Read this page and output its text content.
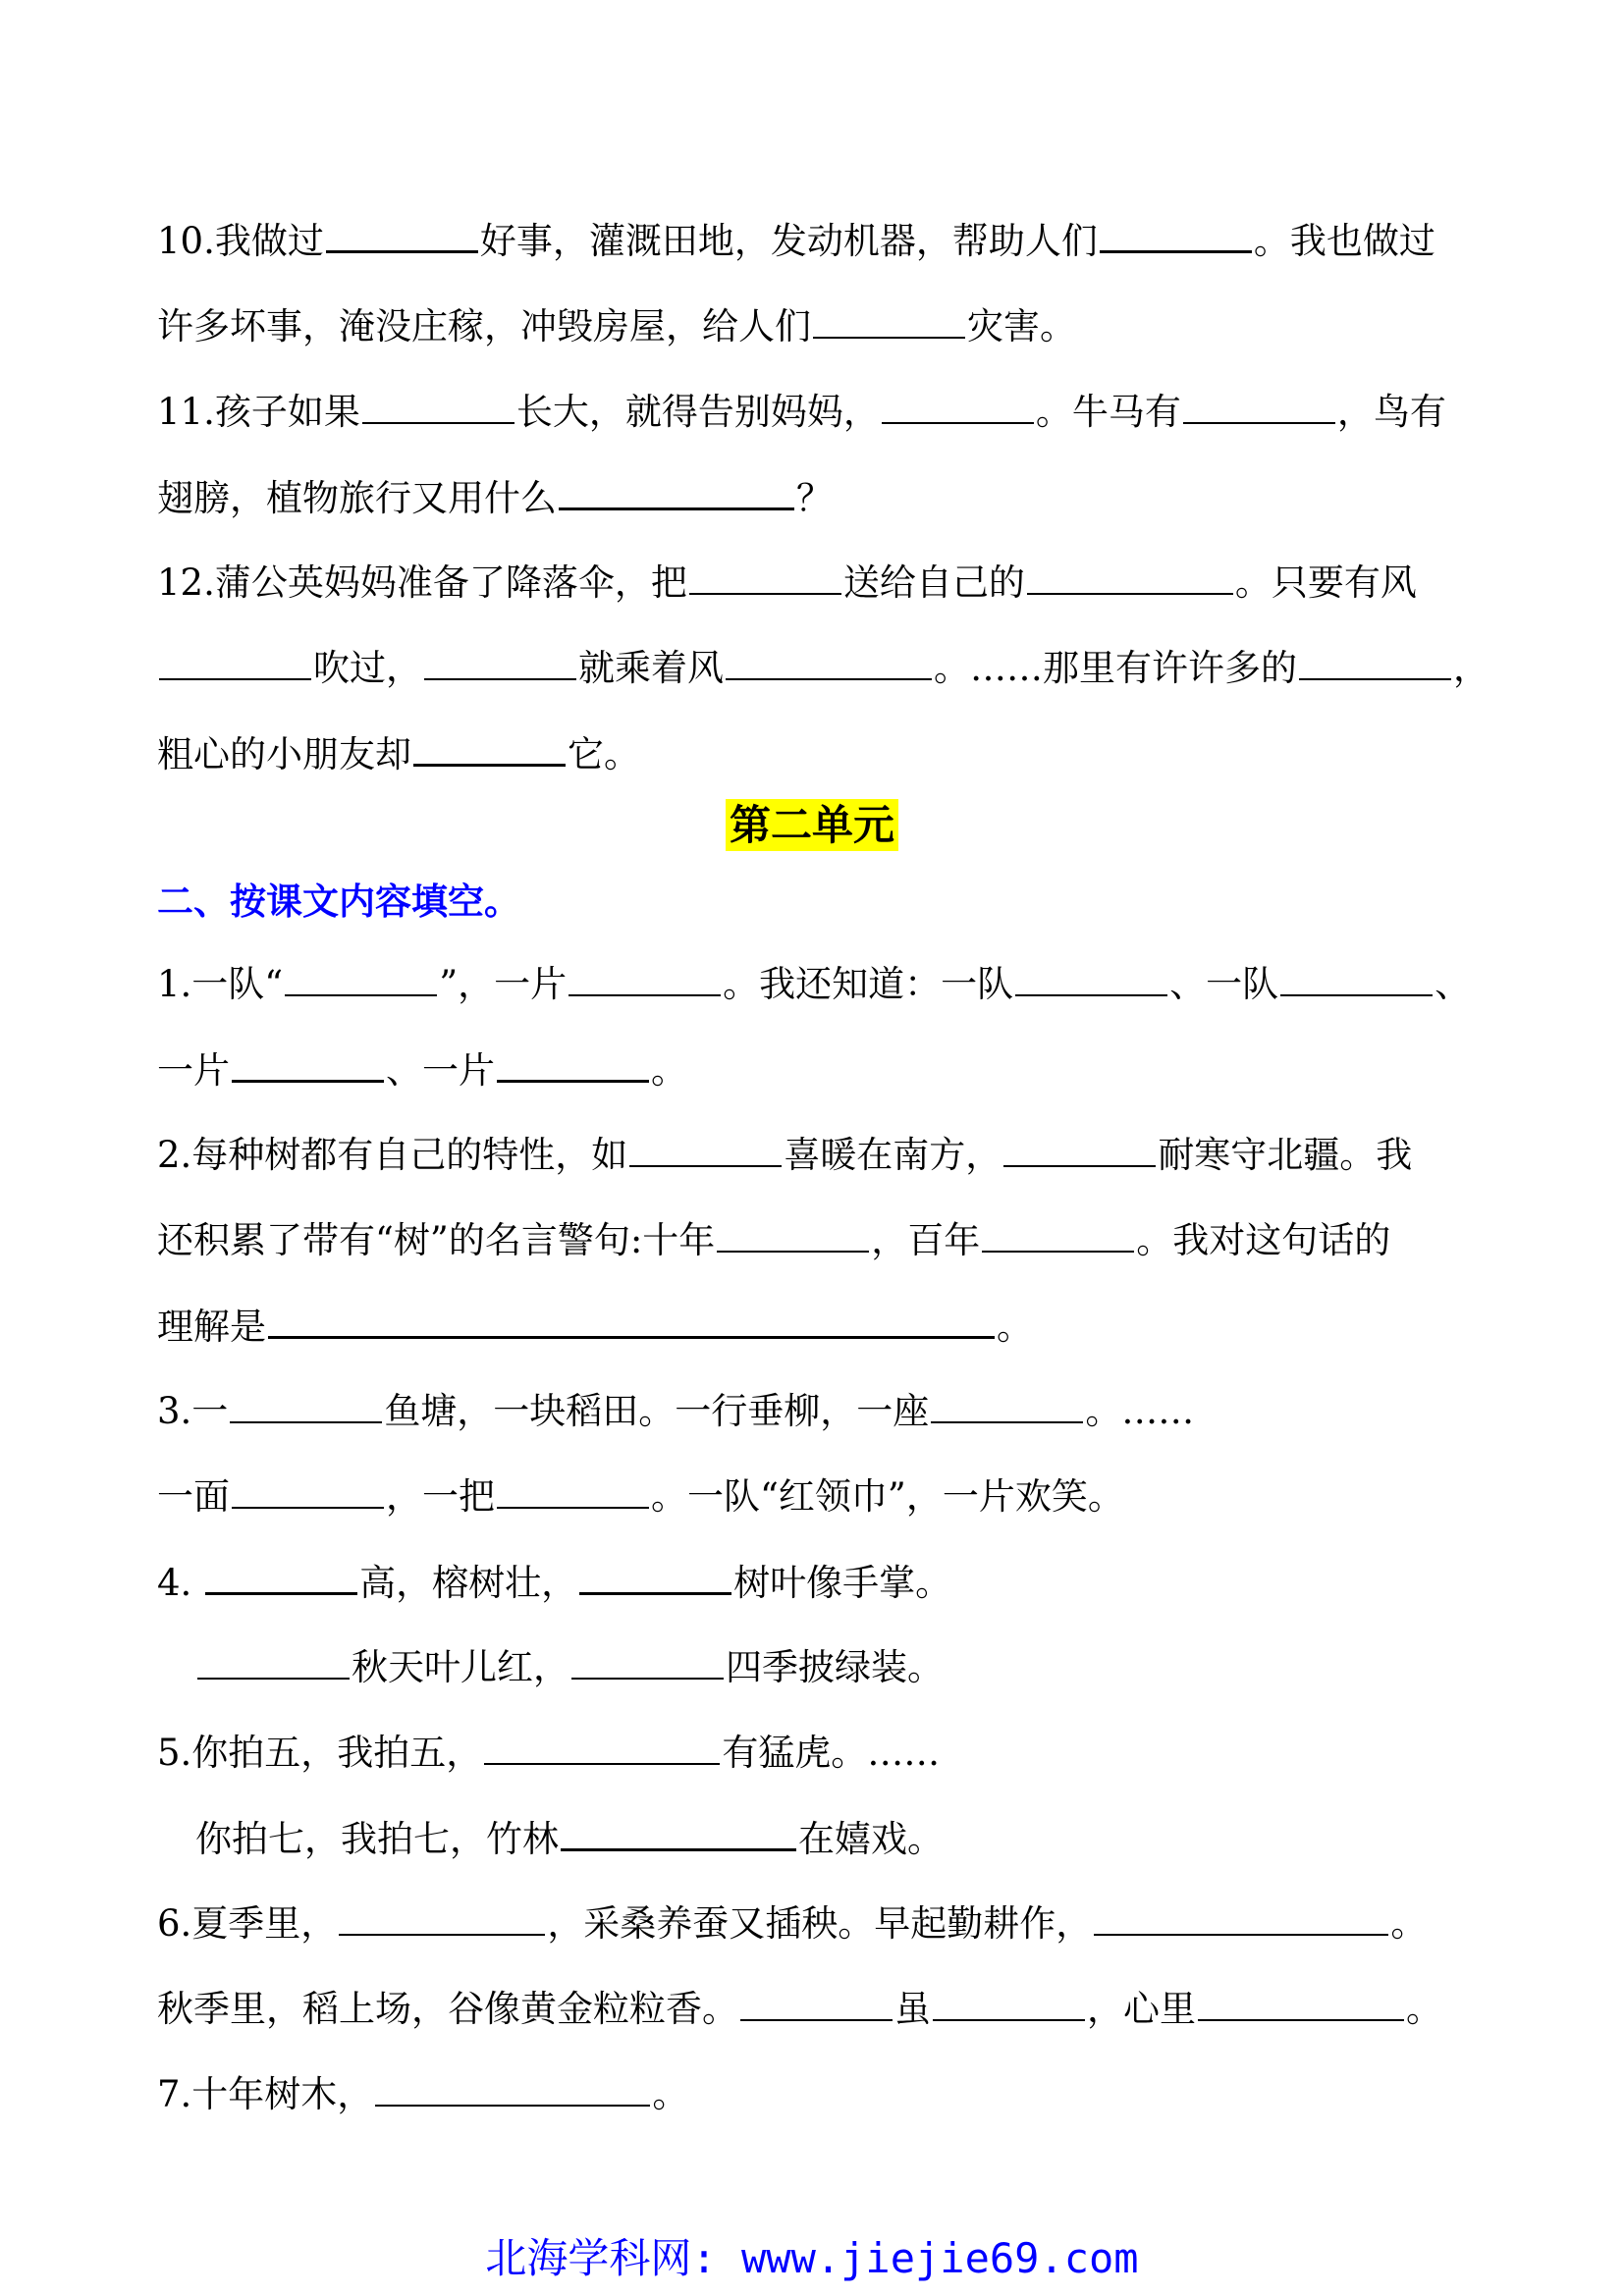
10.我做过	好事，灌溉田地，发动机器，帮助人们	。我也做过
许多坏事，淹没庄稼，冲毁房屋，给人们	灾害。
11.孩子如果	长大，就得告别妈妈，	。牛马有	，鸟有
翅膀，植物旅行又用什么	？
12.蒲公英妈妈准备了降落伞，把	送给自己的	。只要有风
吹过，	就乘着风	。……那里有许许多的	，
粗心的小朋友却	它。
1.一队“	”，一片	。我还知道：一队	、一队	、
一片	、一片	。
2.每种树都有自己的特性，如	喜暖在南方，	耐寒守北疆。我
还积累了带有“树”的名言警句:十年	，百年	。我对这句话的
理解是	。
3.一	鱼塘，一块稻田。一行垂柳，一座	。……
一面	，一把	。一队“红领巾”，一片欢笑。
4.	高，榕树壮，	树叶像手掌。
秋天叶儿红，	四季披绿装。
5.你拍五，我拍五，	有猛虎。……
你拍七，我拍七，竹林	在嬉戏。
6.夏季里，	，采桑养蚕又插秧。早起勤耕作，	。
秋季里，稻上场，谷像黄金粒粒香。	虽	，心里	。
7.十年树木，	。
第二单元
二、按课文内容填空。
北海学科网: www.jiejie69.com
